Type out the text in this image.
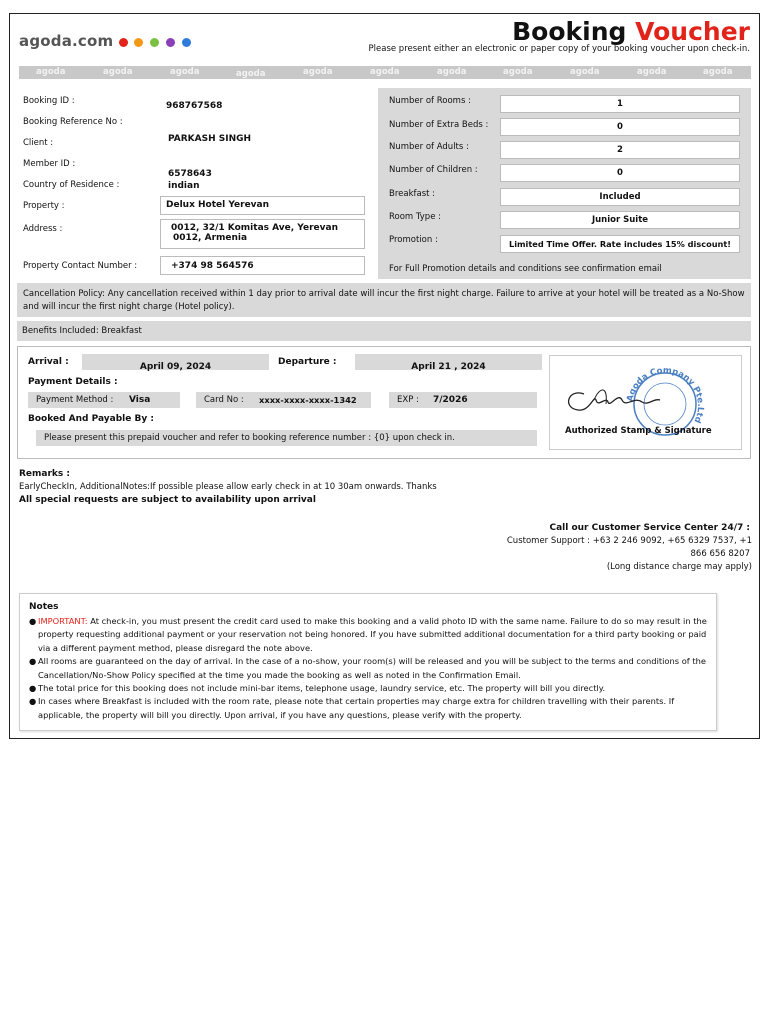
agoda.com	Booking Voucher
Please present either an electronic or paper copy of your booking voucher upon check-in.
agoda	agoda	agoda	agoda	agoda	agoda	agoda	agoda	agoda	agoda	agoda
Booking ID :	968767568
Booking Reference No :
Client :	PARKASH SINGH
Member ID :
6578643
Country of Residence :	indian
Property :	Delux Hotel Yerevan
Address :	0012, 32/1 Komitas Ave, Yerevan
0012, Armenia
Property Contact Number :	+374 98 564576
Number of Rooms :	1
Number of Extra Beds :	0
Number of Adults :	2
Number of Children :	0
Breakfast :	Included
Room Type :	Junior Suite
Promotion :	Limited Time Offer. Rate includes 15% discount!
For Full Promotion details and conditions see confirmation email
Cancellation Policy: Any cancellation received within 1 day prior to arrival date will incur the first night charge. Failure to arrive at your hotel will be treated as a No-Show and will incur the first night charge (Hotel policy).
Benefits Included: Breakfast
Arrival :	April 09, 2024	Departure :	April 21 , 2024
Payment Details :
Payment Method : Visa	Card No : xxxx-xxxx-xxxx-1342	EXP : 7/2026
Booked And Payable By :
Please present this prepaid voucher and refer to booking reference number : {0} upon check in.
Agoda Company Pte.Ltd
Authorized Stamp & Signature
Remarks :
EarlyCheckIn, AdditionalNotes:If possible please allow early check in at 10 30am onwards. Thanks
All special requests are subject to availability upon arrival
Call our Customer Service Center 24/7 :
Customer Support : +63 2 246 9092, +65 6329 7537, +1
866 656 8207
(Long distance charge may apply)
Notes
● IMPORTANT: At check-in, you must present the credit card used to make this booking and a valid photo ID with the same name. Failure to do so may result in the property requesting additional payment or your reservation not being honored. If you have submitted additional documentation for a third party booking or paid via a different payment method, please disregard the note above.
● All rooms are guaranteed on the day of arrival. In the case of a no-show, your room(s) will be released and you will be subject to the terms and conditions of the Cancellation/No-Show Policy specified at the time you made the booking as well as noted in the Confirmation Email.
● The total price for this booking does not include mini-bar items, telephone usage, laundry service, etc. The property will bill you directly.
● In cases where Breakfast is included with the room rate, please note that certain properties may charge extra for children travelling with their parents. If applicable, the property will bill you directly. Upon arrival, if you have any questions, please verify with the property.
